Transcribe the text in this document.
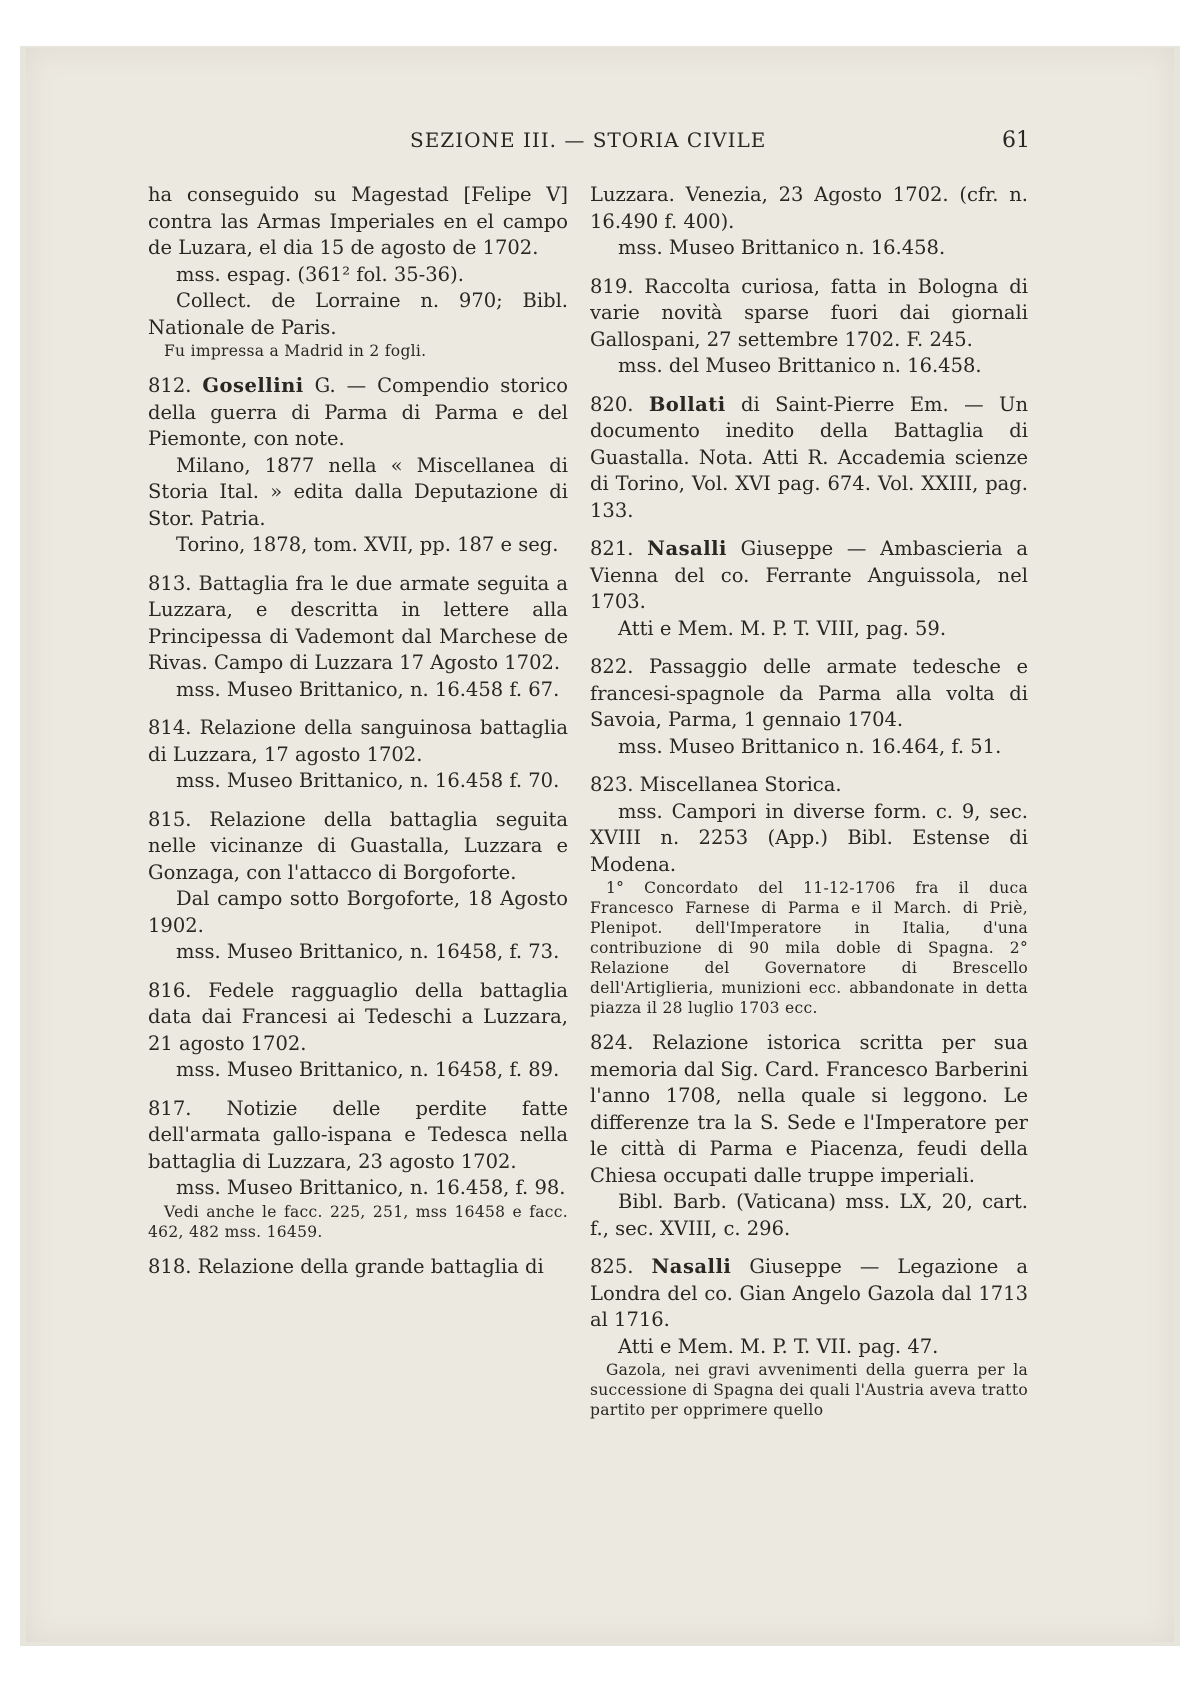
SEZIONE III. — STORIA CIVILE	61

ha conseguido su Magestad [Felipe V] contra las Armas Imperiales en el campo de Luzara, el dia 15 de agosto de 1702.

mss. espag. (361² fol. 35-36).

Collect. de Lorraine n. 970; Bibl. Nationale de Paris.

Fu impressa a Madrid in 2 fogli.

812. Gosellini G. — Compendio storico della guerra di Parma di Parma e del Piemonte, con note.

Milano, 1877 nella « Miscellanea di Storia Ital. » edita dalla Deputazione di Stor. Patria.

Torino, 1878, tom. XVII, pp. 187 e seg.

813. Battaglia fra le due armate seguita a Luzzara, e descritta in lettere alla Principessa di Vademont dal Marchese de Rivas. Campo di Luzzara 17 Agosto 1702.

mss. Museo Brittanico, n. 16.458 f. 67.

814. Relazione della sanguinosa battaglia di Luzzara, 17 agosto 1702.

mss. Museo Brittanico, n. 16.458 f. 70.

815. Relazione della battaglia seguita nelle vicinanze di Guastalla, Luzzara e Gonzaga, con l'attacco di Borgoforte.

Dal campo sotto Borgoforte, 18 Agosto 1902.

mss. Museo Brittanico, n. 16458, f. 73.

816. Fedele ragguaglio della battaglia data dai Francesi ai Tedeschi a Luzzara, 21 agosto 1702.

mss. Museo Brittanico, n. 16458, f. 89.

817. Notizie delle perdite fatte dell'armata gallo-ispana e Tedesca nella battaglia di Luzzara, 23 agosto 1702.

mss. Museo Brittanico, n. 16.458, f. 98.

Vedi anche le facc. 225, 251, mss 16458 e facc. 462, 482 mss. 16459.

818. Relazione della grande battaglia di

Luzzara. Venezia, 23 Agosto 1702. (cfr. n. 16.490 f. 400).

mss. Museo Brittanico n. 16.458.

819. Raccolta curiosa, fatta in Bologna di varie novità sparse fuori dai giornali Gallospani, 27 settembre 1702. F. 245.

mss. del Museo Brittanico n. 16.458.

820. Bollati di Saint-Pierre Em. — Un documento inedito della Battaglia di Guastalla. Nota. Atti R. Accademia scienze di Torino, Vol. XVI pag. 674. Vol. XXIII, pag. 133.

821. Nasalli Giuseppe — Ambascieria a Vienna del co. Ferrante Anguissola, nel 1703.

Atti e Mem. M. P. T. VIII, pag. 59.

822. Passaggio delle armate tedesche e francesi-spagnole da Parma alla volta di Savoia, Parma, 1 gennaio 1704.

mss. Museo Brittanico n. 16.464, f. 51.

823. Miscellanea Storica.

mss. Campori in diverse form. c. 9, sec. XVIII n. 2253 (App.) Bibl. Estense di Modena.

1° Concordato del 11-12-1706 fra il duca Francesco Farnese di Parma e il March. di Priè, Plenipot. dell'Imperatore in Italia, d'una contribuzione di 90 mila doble di Spagna. 2° Relazione del Governatore di Brescello dell'Artiglieria, munizioni ecc. abbandonate in detta piazza il 28 luglio 1703 ecc.

824. Relazione istorica scritta per sua memoria dal Sig. Card. Francesco Barberini l'anno 1708, nella quale si leggono. Le differenze tra la S. Sede e l'Imperatore per le città di Parma e Piacenza, feudi della Chiesa occupati dalle truppe imperiali.

Bibl. Barb. (Vaticana) mss. LX, 20, cart. f., sec. XVIII, c. 296.

825. Nasalli Giuseppe — Legazione a Londra del co. Gian Angelo Gazola dal 1713 al 1716.

Atti e Mem. M. P. T. VII. pag. 47.

Gazola, nei gravi avvenimenti della guerra per la successione di Spagna dei quali l'Austria aveva tratto partito per opprimere quello
